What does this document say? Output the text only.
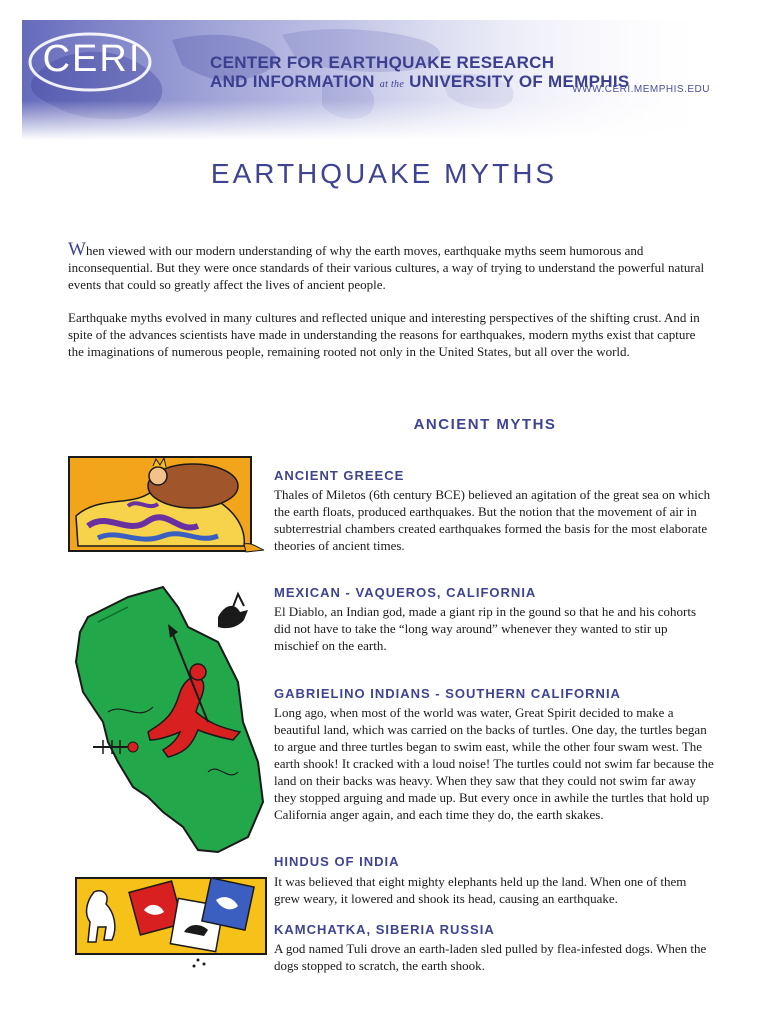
CERI	CENTER FOR EARTHQUAKE RESEARCH
AND INFORMATION at the UNIVERSITY OF MEMPHIS
WWW.CERI.MEMPHIS.EDU
EARTHQUAKE MYTHS

When viewed with our modern understanding of why the earth moves, earthquake myths seem humorous and inconsequential. But they were once standards of their various cultures, a way of trying to understand the powerful natural events that could so greatly affect the lives of ancient people.

Earthquake myths evolved in many cultures and reflected unique and interesting perspectives of the shifting crust. And in spite of the advances scientists have made in understanding the reasons for earthquakes, modern myths exist that capture the imaginations of numerous people, remaining rooted not only in the United States, but all over the world.

ANCIENT MYTHS
ANCIENT GREECE

Thales of Miletos (6th century BCE) believed an agitation of the great sea on which the earth floats, produced earthquakes. But the notion that the movement of air in subterrestrial chambers created earthquakes formed the basis for the most elaborate theories of ancient times.

MEXICAN - VAQUEROS, CALIFORNIA

El Diablo, an Indian god, made a giant rip in the gound so that he and his cohorts did not have to take the “long way around” whenever they wanted to stir up mischief on the earth.

GABRIELINO INDIANS - SOUTHERN CALIFORNIA

Long ago, when most of the world was water, Great Spirit decided to make a beautiful land, which was carried on the backs of turtles. One day, the turtles began to argue and three turtles began to swim east, while the other four swam west. The earth shook! It cracked with a loud noise! The turtles could not swim far because the land on their backs was heavy. When they saw that they could not swim far away they stopped arguing and made up. But every once in awhile the turtles that hold up California anger again, and each time they do, the earth skakes.

HINDUS OF INDIA

It was believed that eight mighty elephants held up the land. When one of them grew weary, it lowered and shook its head, causing an earthquake.

KAMCHATKA, SIBERIA RUSSIA

A god named Tuli drove an earth-laden sled pulled by flea-infested dogs. When the dogs stopped to scratch, the earth shook.
